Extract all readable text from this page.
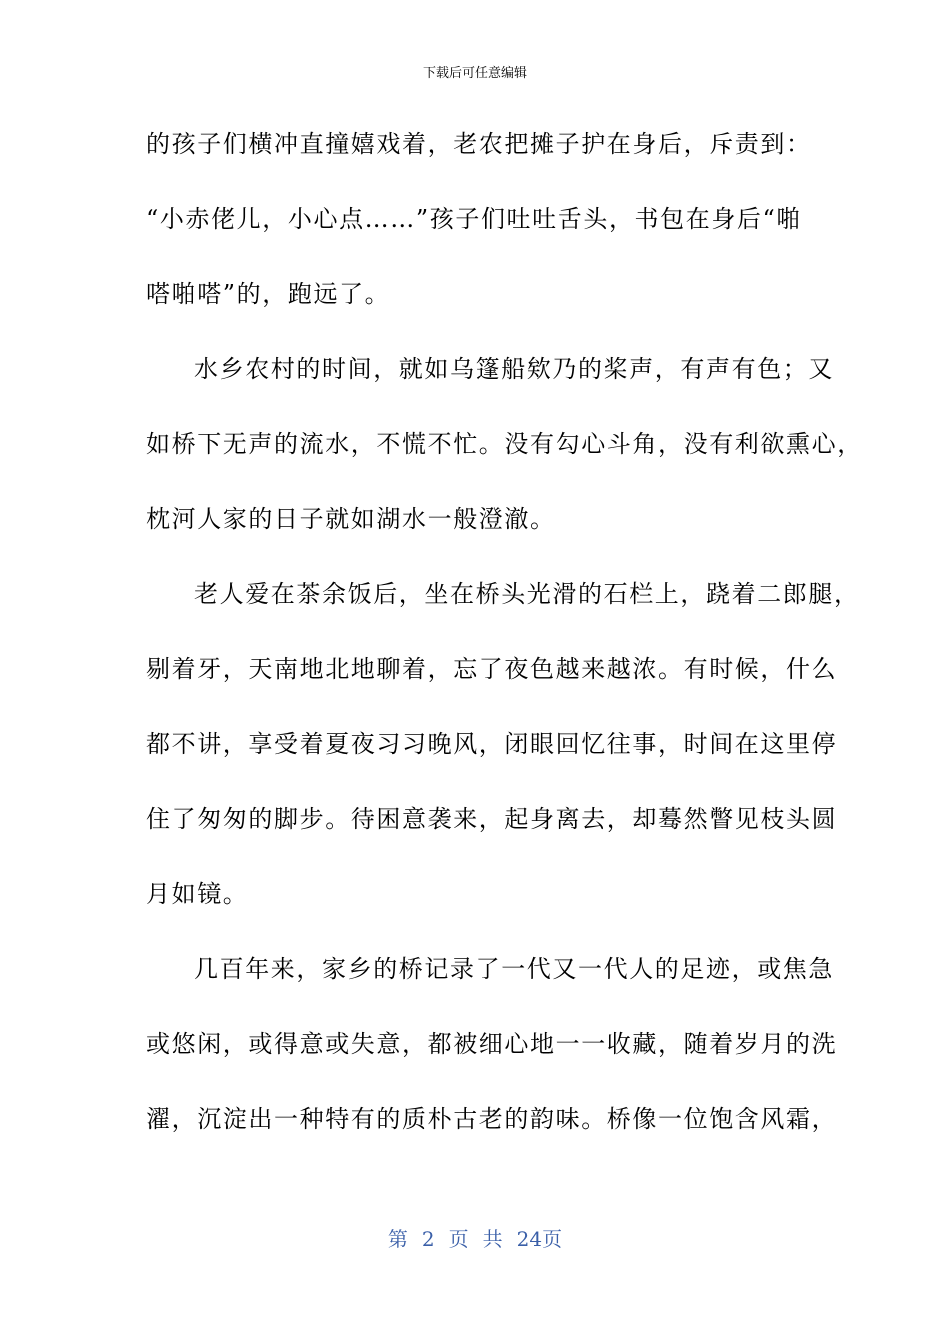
下载后可任意编辑
的孩子们横冲直撞嬉戏着，老农把摊子护在身后，斥责到：
“小赤佬儿，小心点……”孩子们吐吐舌头，书包在身后“啪
嗒啪嗒”的，跑远了。
水乡农村的时间，就如乌篷船欸乃的桨声，有声有色；又
如桥下无声的流水，不慌不忙。没有勾心斗角，没有利欲熏心，
枕河人家的日子就如湖水一般澄澈。
老人爱在茶余饭后，坐在桥头光滑的石栏上，跷着二郎腿，
剔着牙，天南地北地聊着，忘了夜色越来越浓。有时候，什么
都不讲，享受着夏夜习习晚风，闭眼回忆往事，时间在这里停
住了匆匆的脚步。待困意袭来，起身离去，却蓦然瞥见枝头圆
月如镜。
几百年来，家乡的桥记录了一代又一代人的足迹，或焦急
或悠闲，或得意或失意，都被细心地一一收藏，随着岁月的洗
濯，沉淀出一种特有的质朴古老的韵味。桥像一位饱含风霜，
第 2 页 共 24页
